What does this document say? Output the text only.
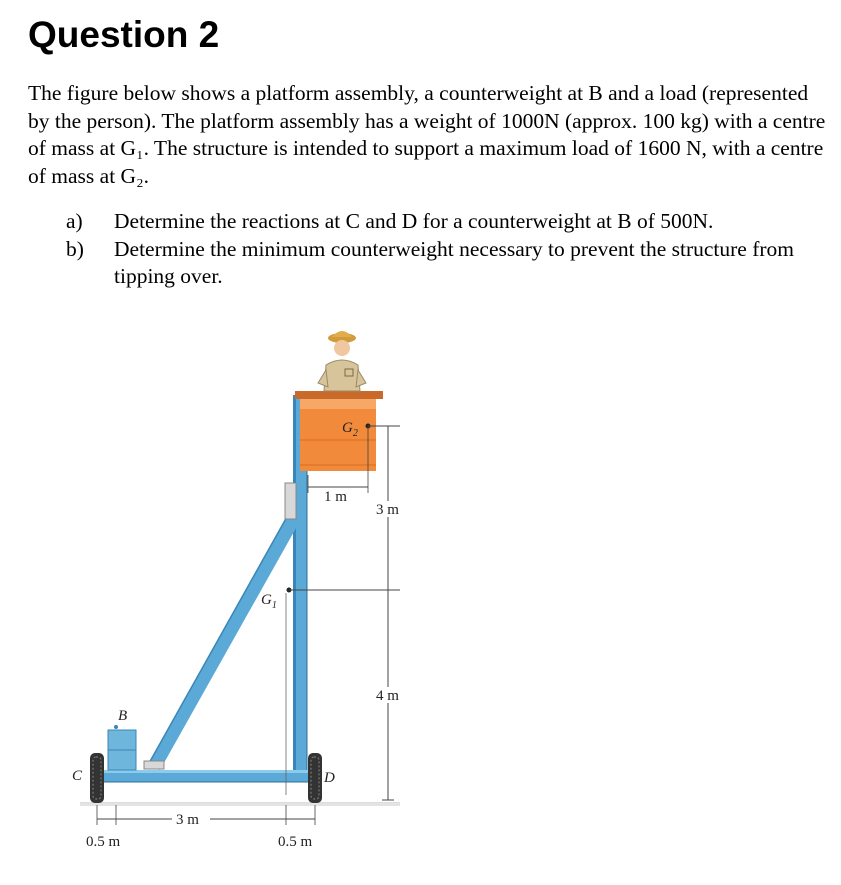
Question 2

The figure below shows a platform assembly, a counterweight at B and a load (represented by the person). The platform assembly has a weight of 1000N (approx. 100 kg) with a centre of mass at G₁. The structure is intended to support a maximum load of 1600 N, with a centre of mass at G₂.

a)	Determine the reactions at C and D for a counterweight at B of 500N.
b)	Determine the minimum counterweight necessary to prevent the structure from tipping over.
$G_2$
$G_1$
B
C	D
3 m
4 m
1 m
3 m
0.5 m	0.5 m
